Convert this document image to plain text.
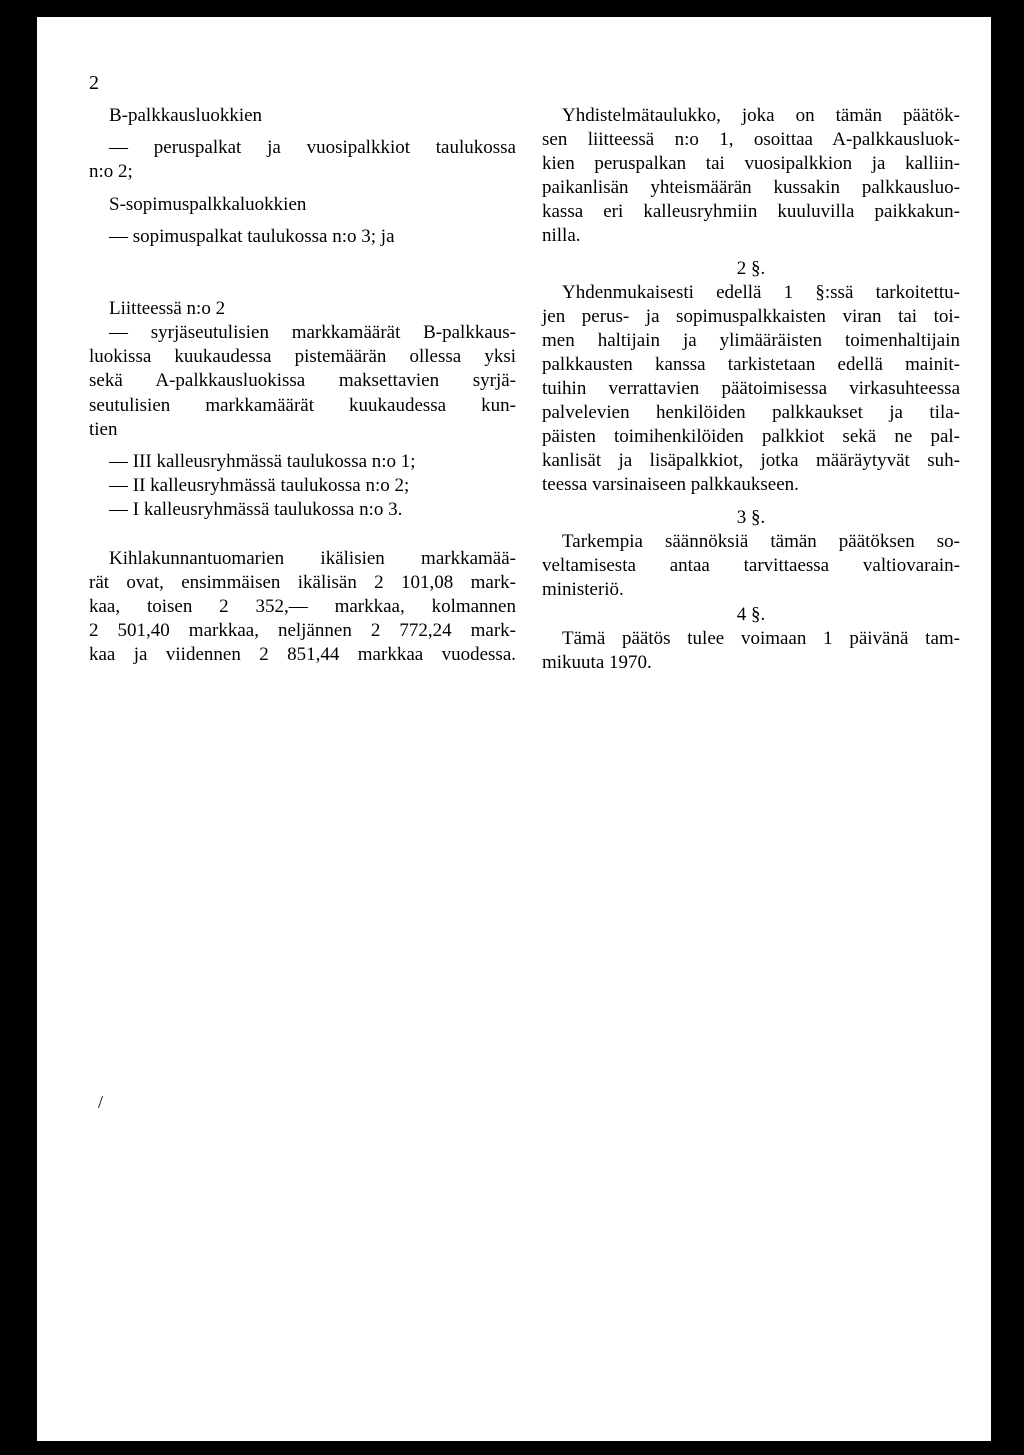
2
B-palkkausluokkien
— peruspalkat ja vuosipalkkiot taulukossa
n:o 2;
S-sopimuspalkkaluokkien
— sopimuspalkat taulukossa n:o 3; ja
Liitteessä n:o 2
— syrjäseutulisien markkamäärät B-palkkaus-
luokissa kuukaudessa pistemäärän ollessa yksi
sekä A-palkkausluokissa maksettavien syrjä-
seutulisien markkamäärät kuukaudessa kun-
tien
— III kalleusryhmässä taulukossa n:o 1;
— II kalleusryhmässä taulukossa n:o 2;
— I kalleusryhmässä taulukossa n:o 3.
Kihlakunnantuomarien ikälisien markkamää-
rät ovat, ensimmäisen ikälisän 2 101,08 mark-
kaa, toisen 2 352,— markkaa, kolmannen
2 501,40 markkaa, neljännen 2 772,24 mark-
kaa ja viidennen 2 851,44 markkaa vuodessa.
Yhdistelmätaulukko, joka on tämän päätök-
sen liitteessä n:o 1, osoittaa A-palkkausluok-
kien peruspalkan tai vuosipalkkion ja kalliin-
paikanlisän yhteismäärän kussakin palkkausluo-
kassa eri kalleusryhmiin kuuluvilla paikkakun-
nilla.
2 §.
Yhdenmukaisesti edellä 1 §:ssä tarkoitettu-
jen perus- ja sopimuspalkkaisten viran tai toi-
men haltijain ja ylimääräisten toimenhaltijain
palkkausten kanssa tarkistetaan edellä mainit-
tuihin verrattavien päätoimisessa virkasuhteessa
palvelevien henkilöiden palkkaukset ja tila-
päisten toimihenkilöiden palkkiot sekä ne pal-
kanlisät ja lisäpalkkiot, jotka määräytyvät suh-
teessa varsinaiseen palkkaukseen.
3 §.
Tarkempia säännöksiä tämän päätöksen so-
veltamisesta antaa tarvittaessa valtiovarain-
ministeriö.
4 §.
Tämä päätös tulee voimaan 1 päivänä tam-
mikuuta 1970.
/
